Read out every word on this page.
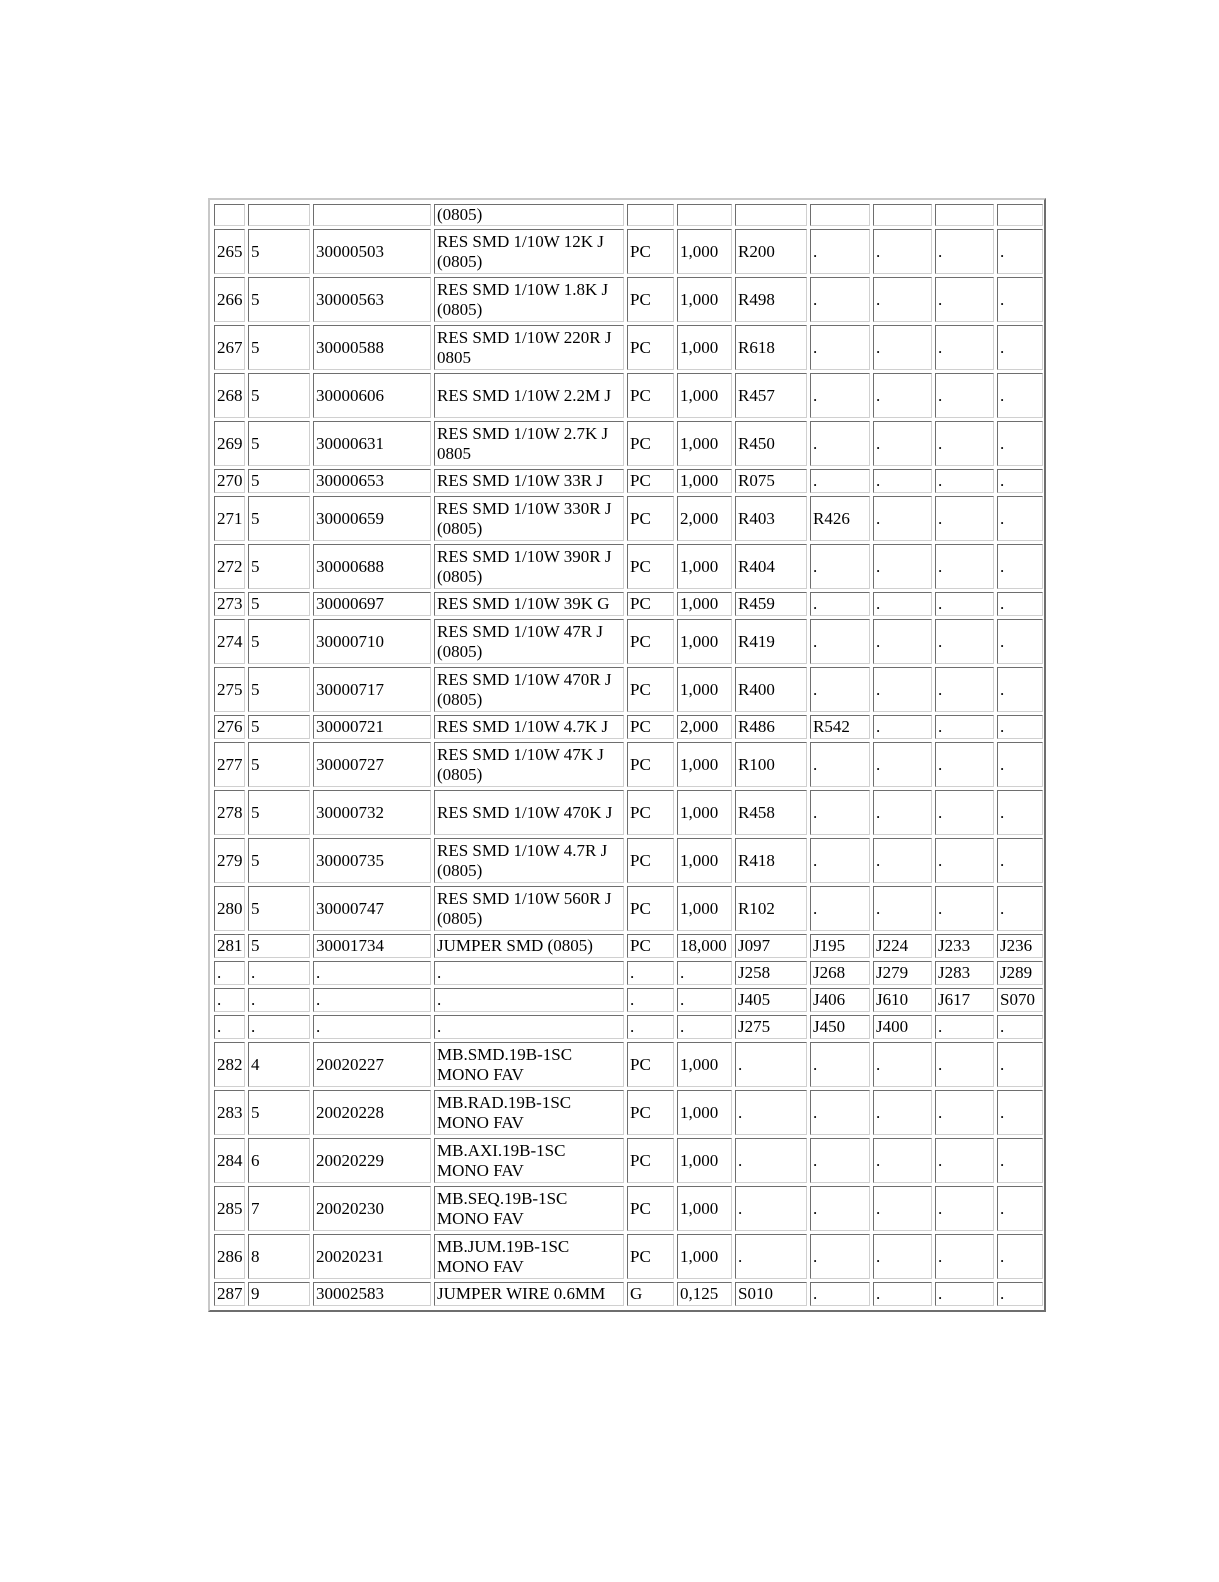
			(0805)							
265	5	30000503	RES SMD 1/10W 12K J (0805)	PC	1,000	R200	.	.	.	.
266	5	30000563	RES SMD 1/10W 1.8K J (0805)	PC	1,000	R498	.	.	.	.
267	5	30000588	RES SMD 1/10W 220R J 0805	PC	1,000	R618	.	.	.	.
268	5	30000606	RES SMD 1/10W 2.2M J	PC	1,000	R457	.	.	.	.
269	5	30000631	RES SMD 1/10W 2.7K J 0805	PC	1,000	R450	.	.	.	.
270	5	30000653	RES SMD 1/10W 33R J	PC	1,000	R075	.	.	.	.
271	5	30000659	RES SMD 1/10W 330R J (0805)	PC	2,000	R403	R426	.	.	.
272	5	30000688	RES SMD 1/10W 390R J (0805)	PC	1,000	R404	.	.	.	.
273	5	30000697	RES SMD 1/10W 39K G	PC	1,000	R459	.	.	.	.
274	5	30000710	RES SMD 1/10W 47R J (0805)	PC	1,000	R419	.	.	.	.
275	5	30000717	RES SMD 1/10W 470R J (0805)	PC	1,000	R400	.	.	.	.
276	5	30000721	RES SMD 1/10W 4.7K J	PC	2,000	R486	R542	.	.	.
277	5	30000727	RES SMD 1/10W 47K J (0805)	PC	1,000	R100	.	.	.	.
278	5	30000732	RES SMD 1/10W 470K J	PC	1,000	R458	.	.	.	.
279	5	30000735	RES SMD 1/10W 4.7R J (0805)	PC	1,000	R418	.	.	.	.
280	5	30000747	RES SMD 1/10W 560R J (0805)	PC	1,000	R102	.	.	.	.
281	5	30001734	JUMPER SMD (0805)	PC	18,000	J097	J195	J224	J233	J236
.	.	.	.	.	.	J258	J268	J279	J283	J289
.	.	.	.	.	.	J405	J406	J610	J617	S070
.	.	.	.	.	.	J275	J450	J400	.	.
282	4	20020227	MB.SMD.19B-1SC MONO FAV	PC	1,000	.	.	.	.	.
283	5	20020228	MB.RAD.19B-1SC MONO FAV	PC	1,000	.	.	.	.	.
284	6	20020229	MB.AXI.19B-1SC MONO FAV	PC	1,000	.	.	.	.	.
285	7	20020230	MB.SEQ.19B-1SC MONO FAV	PC	1,000	.	.	.	.	.
286	8	20020231	MB.JUM.19B-1SC MONO FAV	PC	1,000	.	.	.	.	.
287	9	30002583	JUMPER WIRE 0.6MM	G	0,125	S010	.	.	.	.
